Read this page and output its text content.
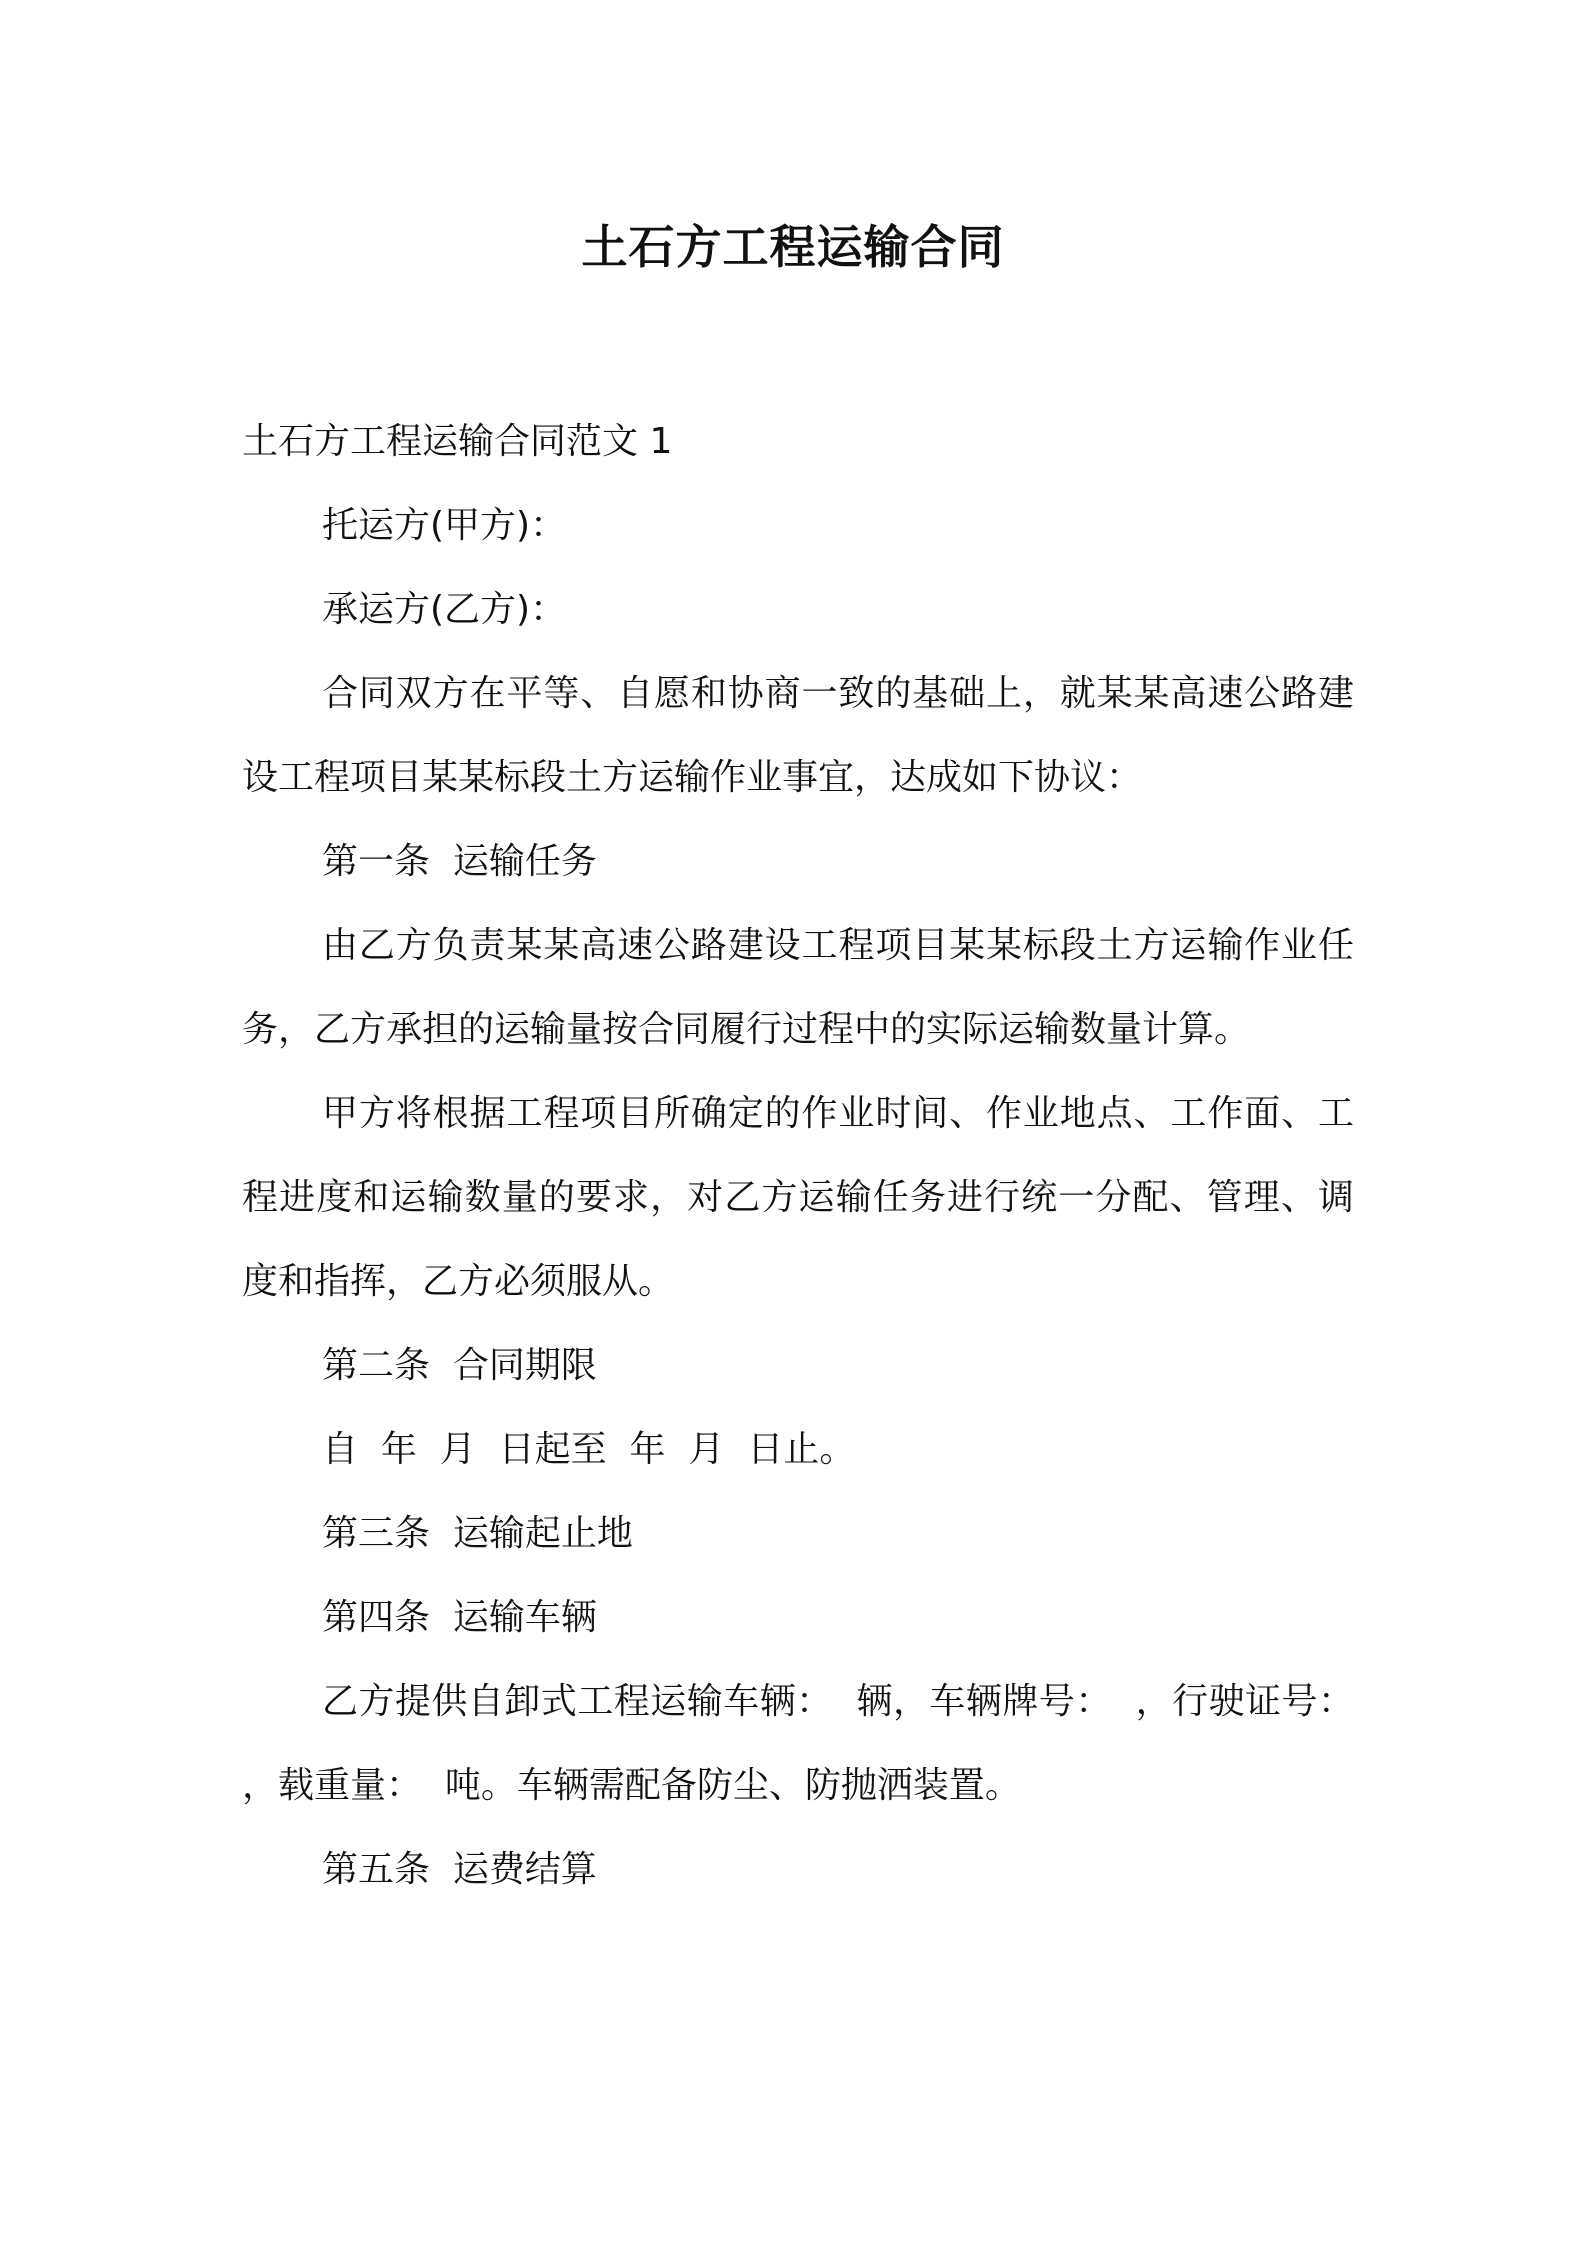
土石方工程运输合同

土石方工程运输合同范文 1

托运方(甲方)：

承运方(乙方)：

合同双方在平等、自愿和协商一致的基础上，就某某高速公路建设工程项目某某标段土方运输作业事宜，达成如下协议：

第一条  运输任务

由乙方负责某某高速公路建设工程项目某某标段土方运输作业任务，乙方承担的运输量按合同履行过程中的实际运输数量计算。

甲方将根据工程项目所确定的作业时间、作业地点、工作面、工程进度和运输数量的要求，对乙方运输任务进行统一分配、管理、调度和指挥，乙方必须服从。

第二条  合同期限

自  年  月  日起至  年  月  日止。

第三条  运输起止地

第四条  运输车辆

乙方提供自卸式工程运输车辆：  辆，车辆牌号：  ，行驶证号：  ，载重量：  吨。车辆需配备防尘、防抛洒装置。

第五条  运费结算
